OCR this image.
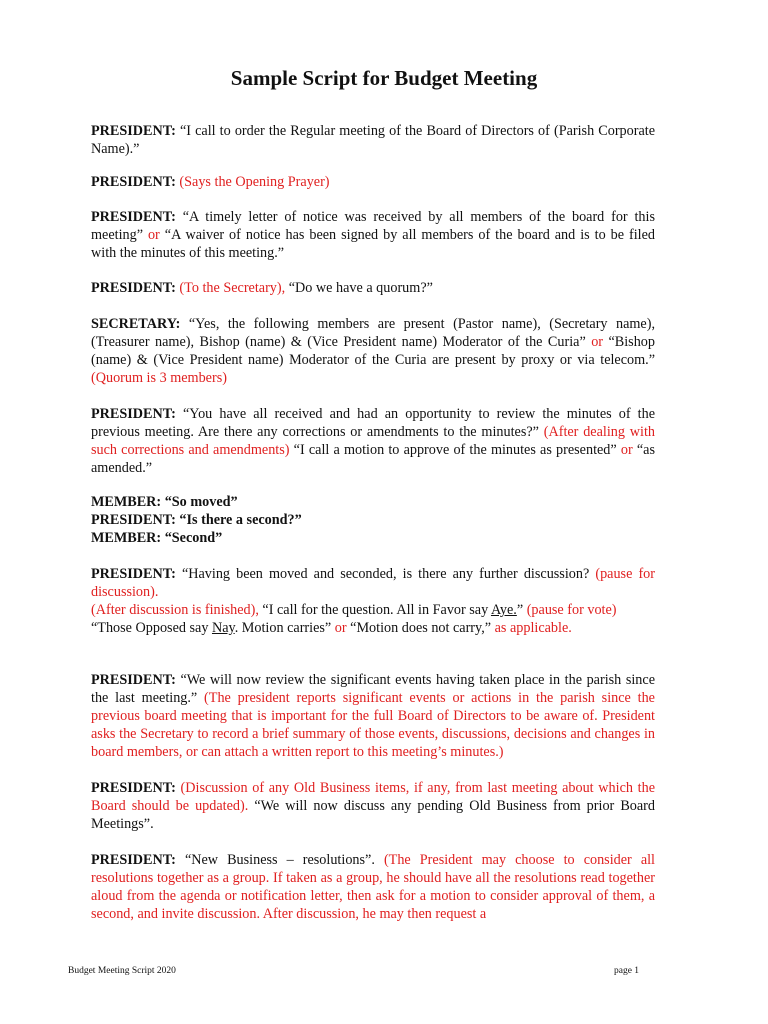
Sample Script for Budget Meeting
PRESIDENT: “I call to order the Regular meeting of the Board of Directors of (Parish Corporate Name).”
PRESIDENT: (Says the Opening Prayer)
PRESIDENT: “A timely letter of notice was received by all members of the board for this meeting” or “A waiver of notice has been signed by all members of the board and is to be filed with the minutes of this meeting.”
PRESIDENT: (To the Secretary), “Do we have a quorum?”
SECRETARY: “Yes, the following members are present (Pastor name), (Secretary name), (Treasurer name), Bishop (name) & (Vice President name) Moderator of the Curia” or “Bishop (name) & (Vice President name) Moderator of the Curia are present by proxy or via telecom.” (Quorum is 3 members)
PRESIDENT: “You have all received and had an opportunity to review the minutes of the previous meeting. Are there any corrections or amendments to the minutes?” (After dealing with such corrections and amendments) “I call a motion to approve of the minutes as presented” or “as amended.”
MEMBER: “So moved”
PRESIDENT: “Is there a second?”
MEMBER: “Second”
PRESIDENT: “Having been moved and seconded, is there any further discussion? (pause for discussion).
(After discussion is finished), “I call for the question. All in Favor say Aye.” (pause for vote)
“Those Opposed say Nay. Motion carries” or “Motion does not carry,” as applicable.
PRESIDENT: “We will now review the significant events having taken place in the parish since the last meeting.” (The president reports significant events or actions in the parish since the previous board meeting that is important for the full Board of Directors to be aware of. President asks the Secretary to record a brief summary of those events, discussions, decisions and changes in board members, or can attach a written report to this meeting’s minutes.)
PRESIDENT: (Discussion of any Old Business items, if any, from last meeting about which the Board should be updated). “We will now discuss any pending Old Business from prior Board Meetings”.
PRESIDENT: “New Business – resolutions”. (The President may choose to consider all resolutions together as a group. If taken as a group, he should have all the resolutions read together aloud from the agenda or notification letter, then ask for a motion to consider approval of them, a second, and invite discussion. After discussion, he may then request a
Budget Meeting Script 2020	page 1
